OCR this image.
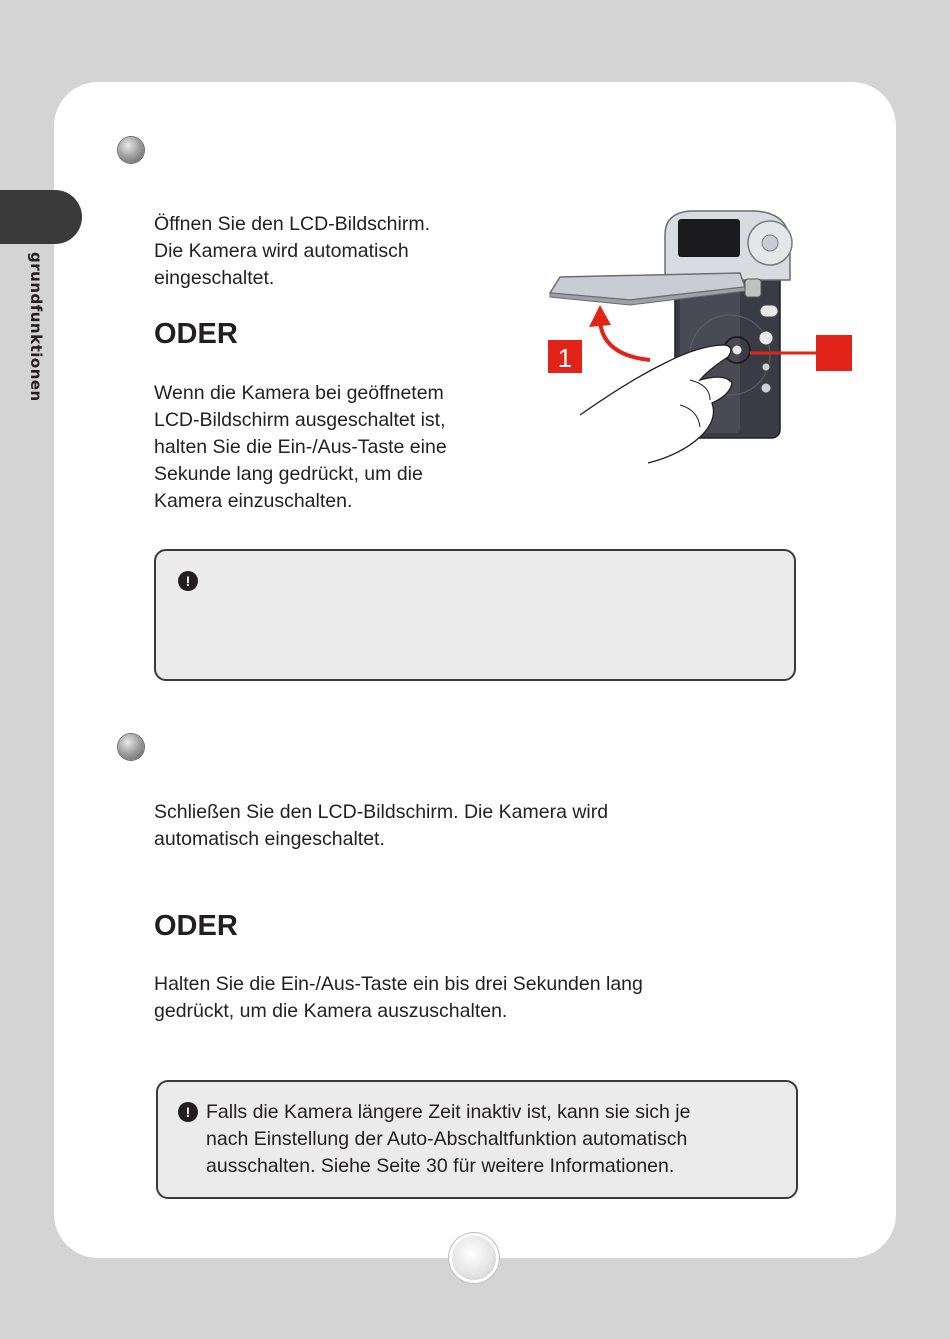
grundfunktionen

Öffnen Sie den LCD-Bildschirm.
Die Kamera wird automatisch
eingeschaltet.

ODER

Wenn die Kamera bei geöffnetem
LCD-Bildschirm ausgeschaltet ist,
halten Sie die Ein-/Aus-Taste eine
Sekunde lang gedrückt, um die
Kamera einzuschalten.

1
!

Schließen Sie den LCD-Bildschirm. Die Kamera wird
automatisch eingeschaltet.

ODER

Halten Sie die Ein-/Aus-Taste ein bis drei Sekunden lang
gedrückt, um die Kamera auszuschalten.

! Falls die Kamera längere Zeit inaktiv ist, kann sie sich je
nach Einstellung der Auto-Abschaltfunktion automatisch
ausschalten. Siehe Seite 30 für weitere Informationen.
